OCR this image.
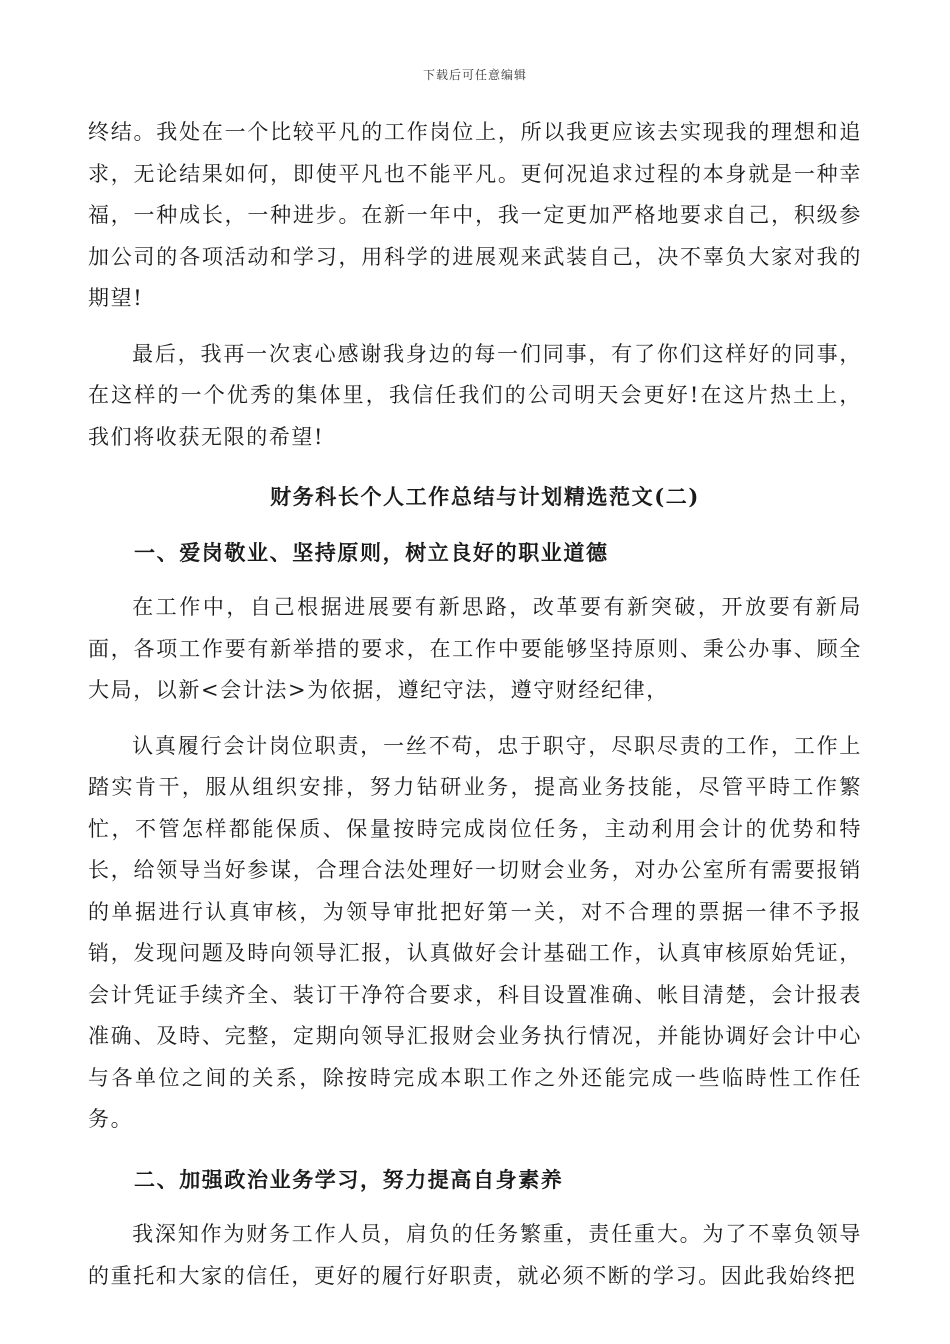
下载后可任意编辑

终结。我处在一个比较平凡的工作岗位上，所以我更应该去实现我的理想和追求，无论结果如何，即使平凡也不能平凡。更何况追求过程的本身就是一种幸福，一种成长，一种进步。在新一年中，我一定更加严格地要求自己，积级参加公司的各项活动和学习，用科学的进展观来武装自己，决不辜负大家对我的期望!

最后，我再一次衷心感谢我身边的每一们同事，有了你们这样好的同事，在这样的一个优秀的集体里，我信任我们的公司明天会更好!在这片热土上，我们将收获无限的希望!

财务科长个人工作总结与计划精选范文(二)

一、爱岗敬业、坚持原则，树立良好的职业道德

在工作中，自己根据进展要有新思路，改革要有新突破，开放要有新局面，各项工作要有新举措的要求，在工作中要能够坚持原则、秉公办事、顾全大局，以新<会计法>为依据，遵纪守法，遵守财经纪律，

认真履行会计岗位职责，一丝不苟，忠于职守，尽职尽责的工作，工作上踏实肯干，服从组织安排，努力钻研业务，提高业务技能，尽管平時工作繁忙，不管怎样都能保质、保量按時完成岗位任务，主动利用会计的优势和特长，给领导当好参谋，合理合法处理好一切财会业务，对办公室所有需要报销的单据进行认真审核，为领导审批把好第一关，对不合理的票据一律不予报销，发现问题及時向领导汇报，认真做好会计基础工作，认真审核原始凭证，会计凭证手续齐全、装订干净符合要求，科目设置准确、帐目清楚，会计报表准确、及時、完整，定期向领导汇报财会业务执行情况，并能协调好会计中心与各单位之间的关系，除按時完成本职工作之外还能完成一些临時性工作任务。

二、加强政治业务学习，努力提高自身素养

我深知作为财务工作人员，肩负的任务繁重，责任重大。为了不辜负领导的重托和大家的信任，更好的履行好职责，就必须不断的学习。因此我始终把
